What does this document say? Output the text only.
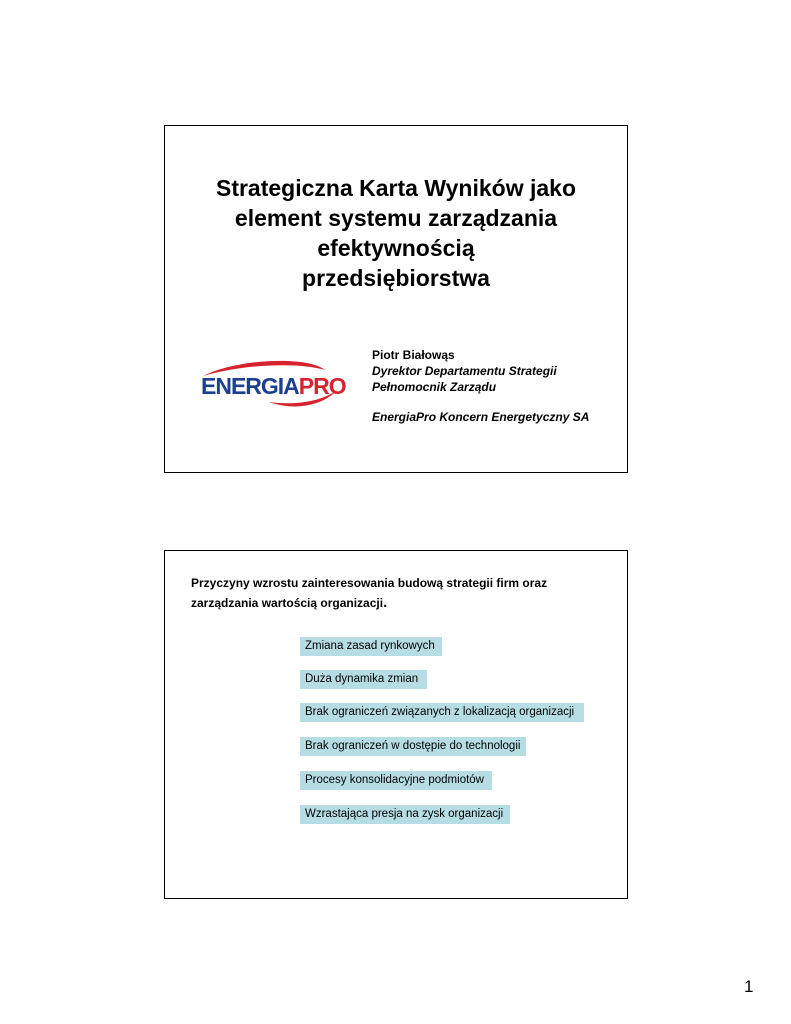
Strategiczna Karta Wyników jako
element systemu zarządzania
efektywnością
przedsiębiorstwa
ENERGIAPRO
Piotr Białowąs
Dyrektor Departamentu Strategii
Pełnomocnik Zarządu
EnergiaPro Koncern Energetyczny SA
Przyczyny wzrostu zainteresowania budową strategii firm oraz
zarządzania wartością organizacji.
Zmiana zasad rynkowych
Duża dynamika zmian
Brak ograniczeń związanych z lokalizacją organizacji
Brak ograniczeń w dostępie do technologii
Procesy konsolidacyjne podmiotów
Wzrastająca presja na zysk organizacji
1
